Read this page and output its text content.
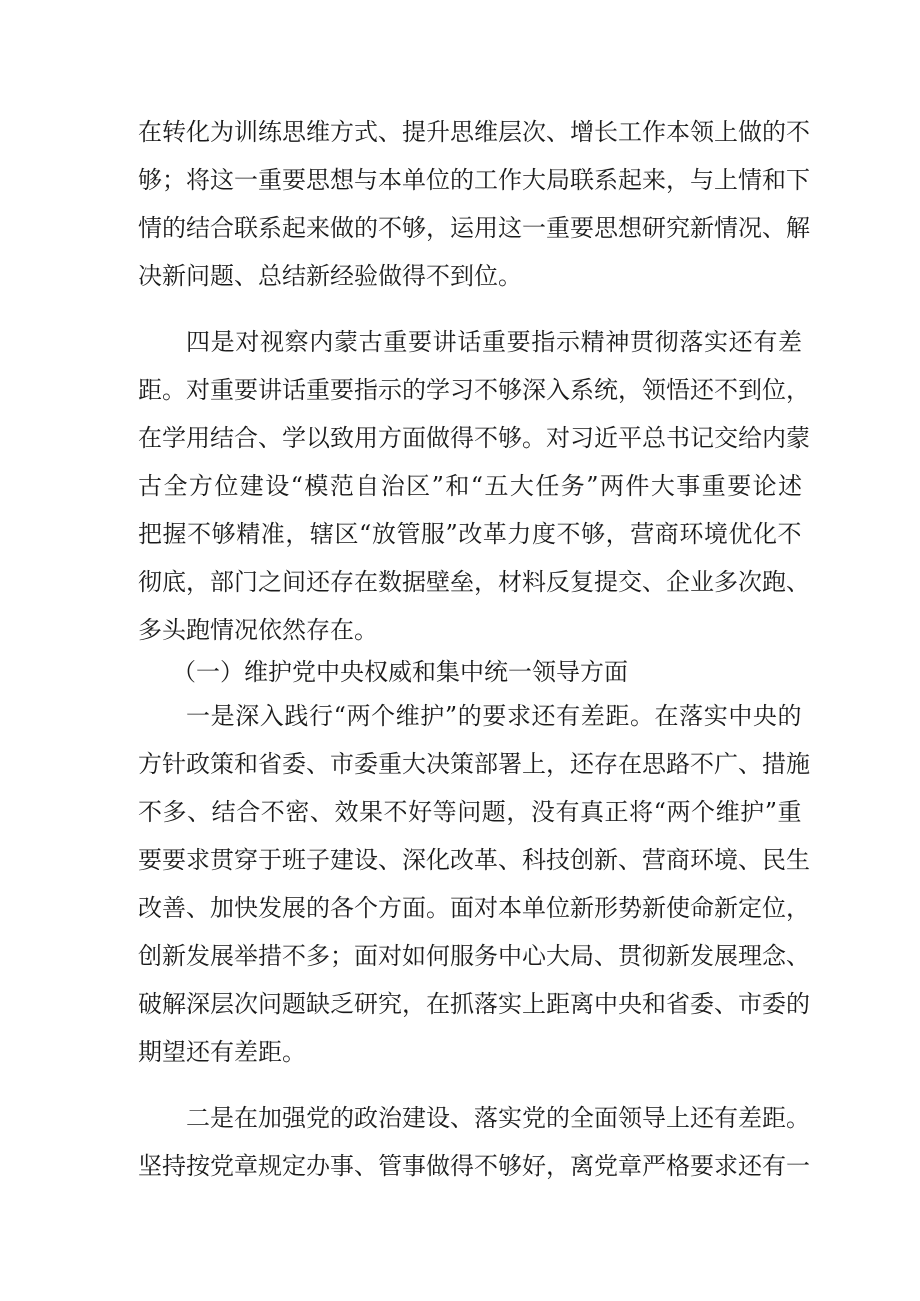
在转化为训练思维方式、提升思维层次、增长工作本领上做的不
够；将这一重要思想与本单位的工作大局联系起来，与上情和下
情的结合联系起来做的不够，运用这一重要思想研究新情况、解
决新问题、总结新经验做得不到位。
四是对视察内蒙古重要讲话重要指示精神贯彻落实还有差
距。对重要讲话重要指示的学习不够深入系统，领悟还不到位，
在学用结合、学以致用方面做得不够。对习近平总书记交给内蒙
古全方位建设“模范自治区”和“五大任务”两件大事重要论述
把握不够精准，辖区“放管服”改革力度不够，营商环境优化不
彻底，部门之间还存在数据壁垒，材料反复提交、企业多次跑、
多头跑情况依然存在。
（一）维护党中央权威和集中统一领导方面
一是深入践行“两个维护”的要求还有差距。在落实中央的
方针政策和省委、市委重大决策部署上，还存在思路不广、措施
不多、结合不密、效果不好等问题，没有真正将“两个维护”重
要要求贯穿于班子建设、深化改革、科技创新、营商环境、民生
改善、加快发展的各个方面。面对本单位新形势新使命新定位，
创新发展举措不多；面对如何服务中心大局、贯彻新发展理念、
破解深层次问题缺乏研究，在抓落实上距离中央和省委、市委的
期望还有差距。
二是在加强党的政治建设、落实党的全面领导上还有差距。
坚持按党章规定办事、管事做得不够好，离党章严格要求还有一
